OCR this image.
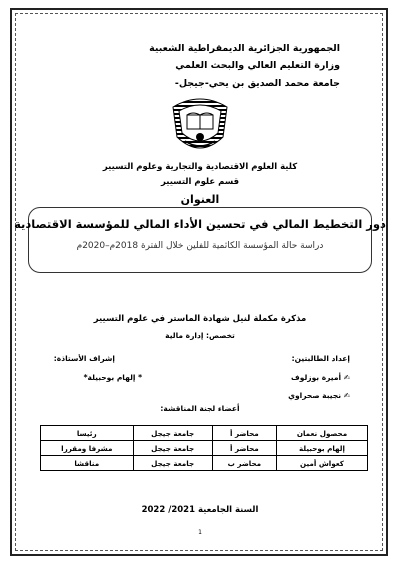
الجمهورية الجزائرية الديمقراطية الشعبية
وزارة التعليم العالي والبحث العلمي
جامعة محمد الصديق بن يحي-جيجل-
كلية العلوم الاقتصادية والتجارية وعلوم التسيير
قسم علوم التسيير
العنوان
دور التخطيط المالي في تحسين الأداء المالي للمؤسسة الاقتصادية
دراسة حالة المؤسسة الكاثمية للفلين خلال الفترة 2018م–2020م
مذكرة مكملة لنيل شهادة الماستر في علوم التسيير
تخصص: إدارة مالية
إعداد الطالبتين:
إشراف الأستاذة:
✍ أميرة بوزلوف
* إلهام بوحبيلة*
✍ نجيبة صحراوي
أعضاء لجنة المناقشة:
محصول نعمان	محاضر أ	جامعة جيجل	رئيسا
إلهام بوحبيلة	محاضر أ	جامعة جيجل	مشرفا ومقررا
كعواش أمين	محاضر ب	جامعة جيجل	مناقشا
السنة الجامعية 2021/ 2022
1
